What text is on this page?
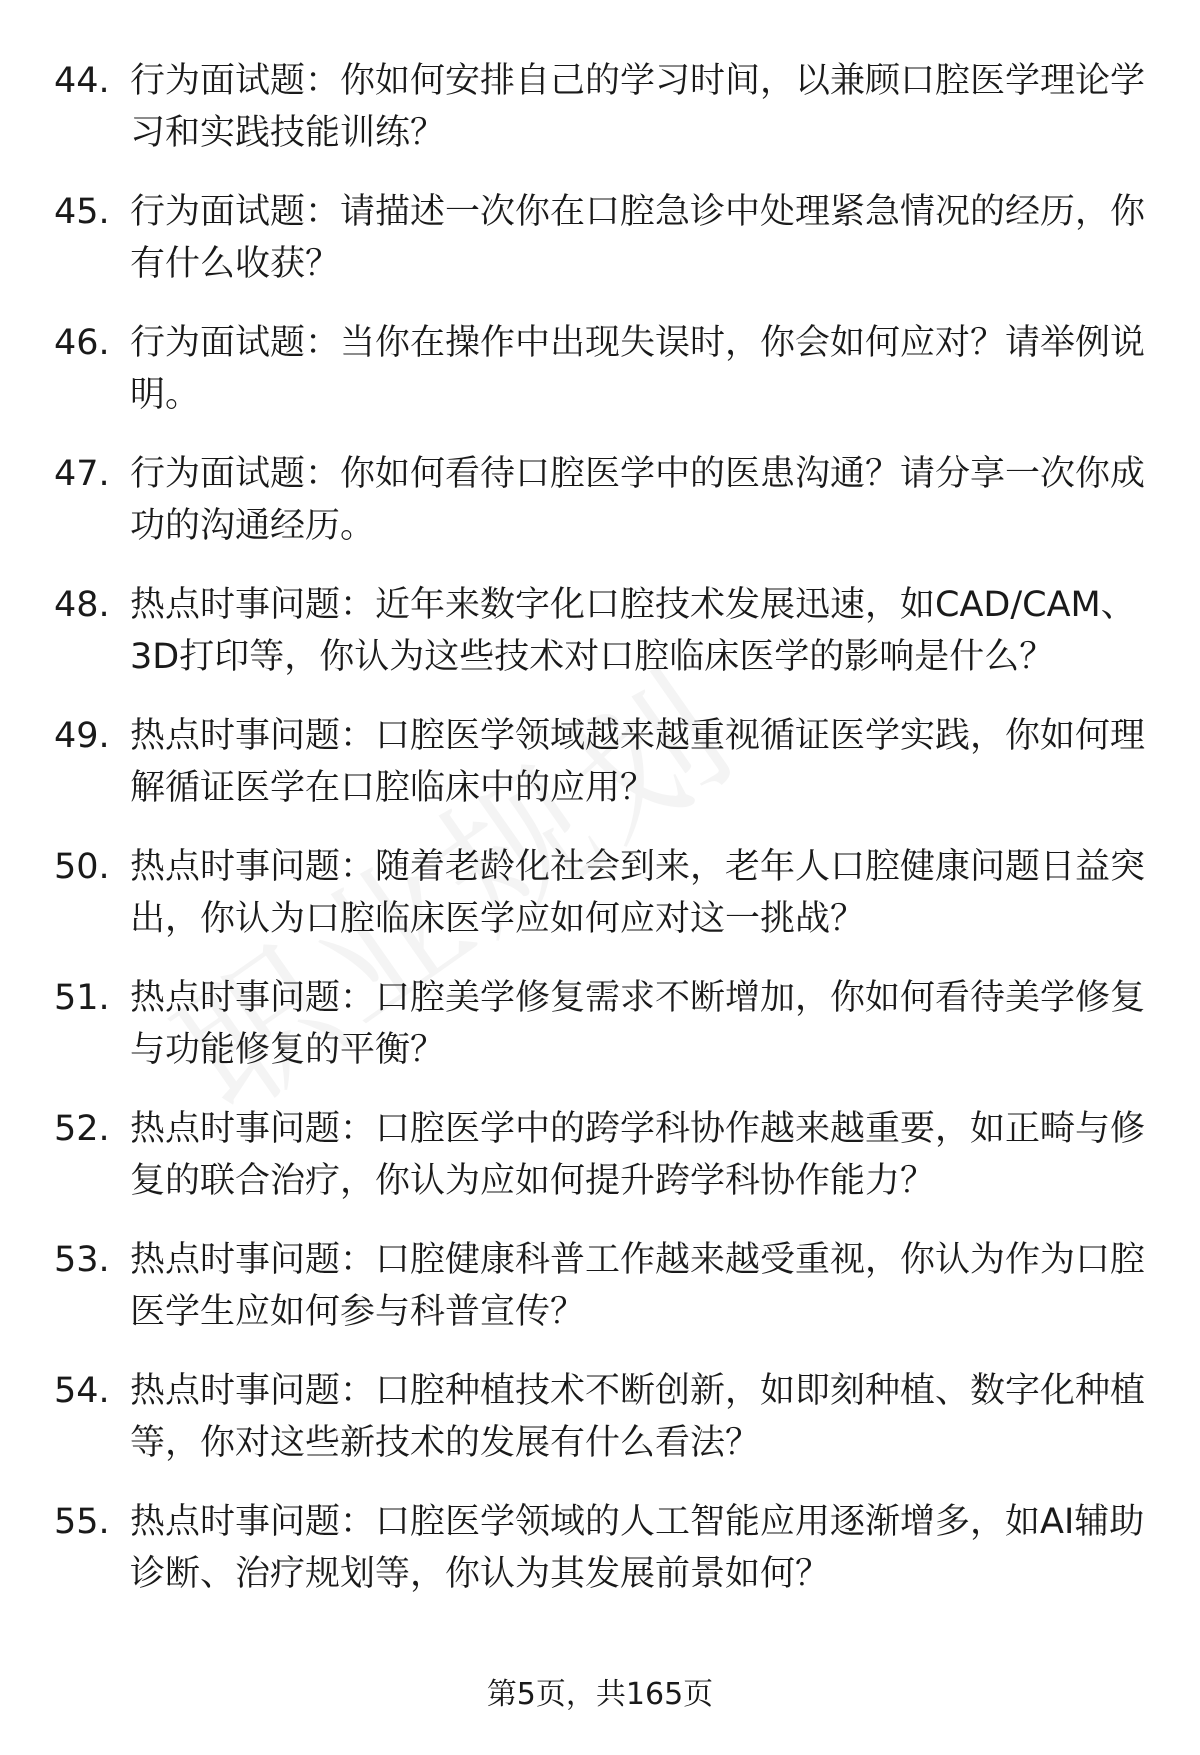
44. 行为面试题：你如何安排自己的学习时间，以兼顾口腔医学理论学习和实践技能训练？
45. 行为面试题：请描述一次你在口腔急诊中处理紧急情况的经历，你有什么收获？
46. 行为面试题：当你在操作中出现失误时，你会如何应对？请举例说明。
47. 行为面试题：你如何看待口腔医学中的医患沟通？请分享一次你成功的沟通经历。
48. 热点时事问题：近年来数字化口腔技术发展迅速，如CAD/CAM、3D打印等，你认为这些技术对口腔临床医学的影响是什么？
49. 热点时事问题：口腔医学领域越来越重视循证医学实践，你如何理解循证医学在口腔临床中的应用？
50. 热点时事问题：随着老龄化社会到来，老年人口腔健康问题日益突出，你认为口腔临床医学应如何应对这一挑战？
51. 热点时事问题：口腔美学修复需求不断增加，你如何看待美学修复与功能修复的平衡？
52. 热点时事问题：口腔医学中的跨学科协作越来越重要，如正畸与修复的联合治疗，你认为应如何提升跨学科协作能力？
53. 热点时事问题：口腔健康科普工作越来越受重视，你认为作为口腔医学生应如何参与科普宣传？
54. 热点时事问题：口腔种植技术不断创新，如即刻种植、数字化种植等，你对这些新技术的发展有什么看法？
55. 热点时事问题：口腔医学领域的人工智能应用逐渐增多，如AI辅助诊断、治疗规划等，你认为其发展前景如何？
第5页，共165页
